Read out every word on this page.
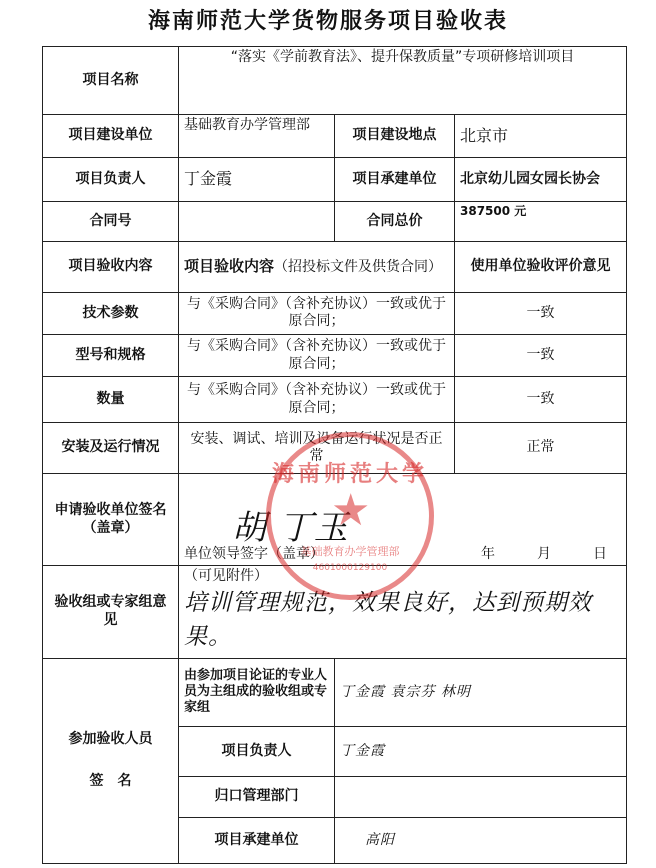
海南师范大学货物服务项目验收表
项目名称	“落实《学前教育法》、提升保教质量”专项研修培训项目		
项目建设单位	基础教育办学管理部	项目建设地点	北京市
项目负责人	丁金霞	项目承建单位	北京幼儿园女园长协会
合同号		合同总价	387500 元
项目验收内容	项目验收内容（招投标文件及供货合同）		使用单位验收评价意见
技术参数	与《采购合同》（含补充协议）一致或优于原合同；		一致
型号和规格	与《采购合同》（含补充协议）一致或优于原合同；		一致
数量	与《采购合同》（含补充协议）一致或优于原合同；		一致
安装及运行情况	安装、调试、培训及设备运行状况是否正常		正常
申请验收单位签名（盖章）	单位领导签字（盖章） 年　　　 月　　　 日		

验收组或专家组意见	（可见附件）
培训管理规范，效果良好，达到预期效果。		

参加验收人员
签　名	由参加项目论证的专业人员为主组成的验收组或专家组	丁金霞 袁宗芬 林明	
	项目负责人	丁金霞	
	归口管理部门		
	项目承建单位	高阳	
胡 丁玉
海南师范大学
★
基础教育办学管理部
4601000129100
